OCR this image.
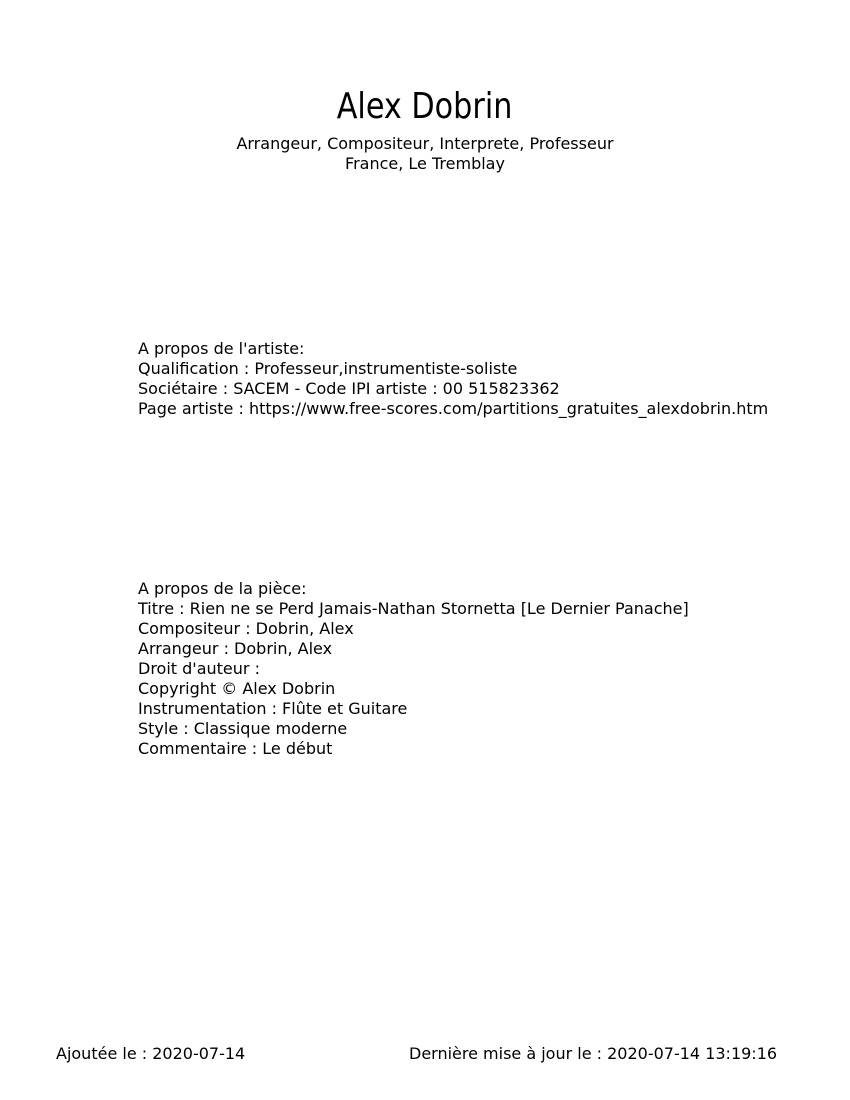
Alex Dobrin
Arrangeur, Compositeur, Interprete, Professeur
France, Le Tremblay
A propos de l'artiste:
Qualification : Professeur,instrumentiste-soliste
Sociétaire : SACEM - Code IPI artiste : 00 515823362
Page artiste : https://www.free-scores.com/partitions_gratuites_alexdobrin.htm
A propos de la pièce:
Titre : Rien ne se Perd Jamais-Nathan Stornetta [Le Dernier Panache]
Compositeur : Dobrin, Alex
Arrangeur : Dobrin, Alex
Droit d'auteur :
Copyright © Alex Dobrin
Instrumentation : Flûte et Guitare
Style : Classique moderne
Commentaire : Le début
Ajoutée le : 2020-07-14	Dernière mise à jour le : 2020-07-14 13:19:16
